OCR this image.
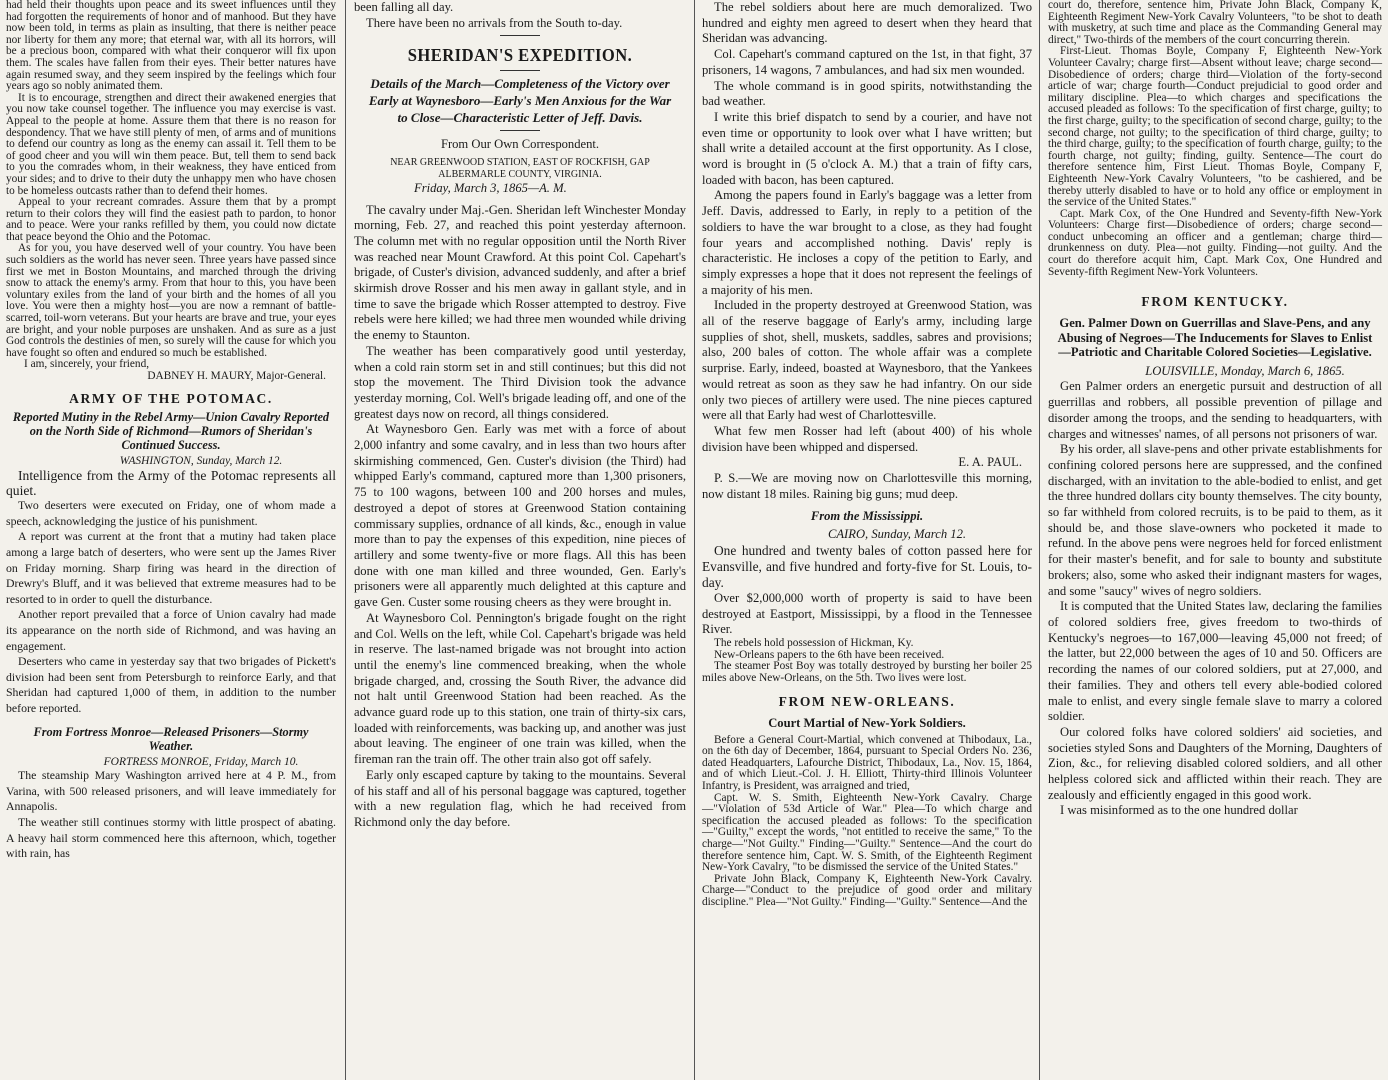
had held their thoughts upon peace and its sweet influences until they had forgotten the requirements of honor and of manhood. But they have now been told, in terms as plain as insulting, that there is neither peace nor liberty for them any more; that eternal war, with all its horrors, will be a precious boon, compared with what their conqueror will fix upon them. The scales have fallen from their eyes. Their better natures have again resumed sway, and they seem inspired by the feelings which four years ago so nobly animated them.

It is to encourage, strengthen and direct their awakened energies that you now take counsel together. The influence you may exercise is vast. Appeal to the people at home. Assure them that there is no reason for despondency. That we have still plenty of men, of arms and of munitions to defend our country as long as the enemy can assail it. Tell them to be of good cheer and you will win them peace. But, tell them to send back to you the comrades whom, in their weakness, they have enticed from your sides; and to drive to their duty the unhappy men who have chosen to be homeless outcasts rather than to defend their homes.

Appeal to your recreant comrades. Assure them that by a prompt return to their colors they will find the easiest path to pardon, to honor and to peace. Were your ranks refilled by them, you could now dictate that peace beyond the Ohio and the Potomac.

As for you, you have deserved well of your country. You have been such soldiers as the world has never seen. Three years have passed since first we met in Boston Mountains, and marched through the driving snow to attack the enemy's army. From that hour to this, you have been voluntary exiles from the land of your birth and the homes of all you love. You were then a mighty host—you are now a remnant of battle-scarred, toil-worn veterans. But your hearts are brave and true, your eyes are bright, and your noble purposes are unshaken. And as sure as a just God controls the destinies of men, so surely will the cause for which you have fought so often and endured so much be established.

I am, sincerely, your friend,

DABNEY H. MAURY, Major-General.

ARMY OF THE POTOMAC.
Reported Mutiny in the Rebel Army—Union Cavalry Reported on the North Side of Richmond—Rumors of Sheridan's Continued Success.

WASHINGTON, Sunday, March 12.

Intelligence from the Army of the Potomac represents all quiet.

Two deserters were executed on Friday, one of whom made a speech, acknowledging the justice of his punishment.

A report was current at the front that a mutiny had taken place among a large batch of deserters, who were sent up the James River on Friday morning. Sharp firing was heard in the direction of Drewry's Bluff, and it was believed that extreme measures had to be resorted to in order to quell the disturbance.

Another report prevailed that a force of Union cavalry had made its appearance on the north side of Richmond, and was having an engagement.

Deserters who came in yesterday say that two brigades of Pickett's division had been sent from Petersburgh to reinforce Early, and that Sheridan had captured 1,000 of them, in addition to the number before reported.

From Fortress Monroe—Released Prisoners—Stormy Weather.

FORTRESS MONROE, Friday, March 10.

The steamship Mary Washington arrived here at 4 P. M., from Varina, with 500 released prisoners, and will leave immediately for Annapolis.

The weather still continues stormy with little prospect of abating. A heavy hail storm commenced here this afternoon, which, together with rain, has

been falling all day.

There have been no arrivals from the South to-day.

SHERIDAN'S EXPEDITION.
Details of the March—Completeness of the Victory over Early at Waynesboro—Early's Men Anxious for the War to Close—Characteristic Letter of Jeff. Davis.

From Our Own Correspondent.

NEAR GREENWOOD STATION, EAST OF ROCKFISH, GAP ALBERMARLE COUNTY, VIRGINIA.

Friday, March 3, 1865—A. M.

The cavalry under Maj.-Gen. Sheridan left Winchester Monday morning, Feb. 27, and reached this point yesterday afternoon. The column met with no regular opposition until the North River was reached near Mount Crawford. At this point Col. Capehart's brigade, of Custer's division, advanced suddenly, and after a brief skirmish drove Rosser and his men away in gallant style, and in time to save the brigade which Rosser attempted to destroy. Five rebels were here killed; we had three men wounded while driving the enemy to Staunton.

The weather has been comparatively good until yesterday, when a cold rain storm set in and still continues; but this did not stop the movement. The Third Division took the advance yesterday morning, Col. Well's brigade leading off, and one of the greatest days now on record, all things considered.

At Waynesboro Gen. Early was met with a force of about 2,000 infantry and some cavalry, and in less than two hours after skirmishing commenced, Gen. Custer's division (the Third) had whipped Early's command, captured more than 1,300 prisoners, 75 to 100 wagons, between 100 and 200 horses and mules, destroyed a depot of stores at Greenwood Station containing commissary supplies, ordnance of all kinds, &c., enough in value more than to pay the expenses of this expedition, nine pieces of artillery and some twenty-five or more flags. All this has been done with one man killed and three wounded, Gen. Early's prisoners were all apparently much delighted at this capture and gave Gen. Custer some rousing cheers as they were brought in.

At Waynesboro Col. Pennington's brigade fought on the right and Col. Wells on the left, while Col. Capehart's brigade was held in reserve. The last-named brigade was not brought into action until the enemy's line commenced breaking, when the whole brigade charged, and, crossing the South River, the advance did not halt until Greenwood Station had been reached. As the advance guard rode up to this station, one train of thirty-six cars, loaded with reinforcements, was backing up, and another was just about leaving. The engineer of one train was killed, when the fireman ran the train off. The other train also got off safely.

Early only escaped capture by taking to the mountains. Several of his staff and all of his personal baggage was captured, together with a new regulation flag, which he had received from Richmond only the day before.

The rebel soldiers about here are much demoralized. Two hundred and eighty men agreed to desert when they heard that Sheridan was advancing.

Col. Capehart's command captured on the 1st, in that fight, 37 prisoners, 14 wagons, 7 ambulances, and had six men wounded.

The whole command is in good spirits, notwithstanding the bad weather.

I write this brief dispatch to send by a courier, and have not even time or opportunity to look over what I have written; but shall write a detailed account at the first opportunity. As I close, word is brought in (5 o'clock A. M.) that a train of fifty cars, loaded with bacon, has been captured.

Among the papers found in Early's baggage was a letter from Jeff. Davis, addressed to Early, in reply to a petition of the soldiers to have the war brought to a close, as they had fought four years and accomplished nothing. Davis' reply is characteristic. He incloses a copy of the petition to Early, and simply expresses a hope that it does not represent the feelings of a majority of his men.

Included in the property destroyed at Greenwood Station, was all of the reserve baggage of Early's army, including large supplies of shot, shell, muskets, saddles, sabres and provisions; also, 200 bales of cotton. The whole affair was a complete surprise. Early, indeed, boasted at Waynesboro, that the Yankees would retreat as soon as they saw he had infantry. On our side only two pieces of artillery were used. The nine pieces captured were all that Early had west of Charlottesville.

What few men Rosser had left (about 400) of his whole division have been whipped and dispersed.

E. A. PAUL.

P. S.—We are moving now on Charlottesville this morning, now distant 18 miles. Raining big guns; mud deep.

From the Mississippi.

CAIRO, Sunday, March 12.

One hundred and twenty bales of cotton passed here for Evansville, and five hundred and forty-five for St. Louis, to-day.

Over $2,000,000 worth of property is said to have been destroyed at Eastport, Mississippi, by a flood in the Tennessee River.

The rebels hold possession of Hickman, Ky.

New-Orleans papers to the 6th have been received.

The steamer Post Boy was totally destroyed by bursting her boiler 25 miles above New-Orleans, on the 5th. Two lives were lost.

FROM NEW-ORLEANS.
Court Martial of New-York Soldiers.

Before a General Court-Martial, which convened at Thibodaux, La., on the 6th day of December, 1864, pursuant to Special Orders No. 236, dated Headquarters, Lafourche District, Thibodaux, La., Nov. 15, 1864, and of which Lieut.-Col. J. H. Elliott, Thirty-third Illinois Volunteer Infantry, is President, was arraigned and tried,

Capt. W. S. Smith, Eighteenth New-York Cavalry. Charge—"Violation of 53d Article of War." Plea—To which charge and specification the accused pleaded as follows: To the specification—"Guilty," except the words, "not entitled to receive the same," To the charge—"Not Guilty." Finding—"Guilty." Sentence—And the court do therefore sentence him, Capt. W. S. Smith, of the Eighteenth Regiment New-York Cavalry, "to be dismissed the service of the United States."

Private John Black, Company K, Eighteenth New-York Cavalry. Charge—"Conduct to the prejudice of good order and military discipline." Plea—"Not Guilty." Finding—"Guilty." Sentence—And the

court do, therefore, sentence him, Private John Black, Company K, Eighteenth Regiment New-York Cavalry Volunteers, "to be shot to death with musketry, at such time and place as the Commanding General may direct," Two-thirds of the members of the court concurring therein.

First-Lieut. Thomas Boyle, Company F, Eighteenth New-York Volunteer Cavalry; charge first—Absent without leave; charge second—Disobedience of orders; charge third—Violation of the forty-second article of war; charge fourth—Conduct prejudicial to good order and military discipline. Plea—to which charges and specifications the accused pleaded as follows: To the specification of first charge, guilty; to the first charge, guilty; to the specification of second charge, guilty; to the second charge, not guilty; to the specification of third charge, guilty; to the third charge, guilty; to the specification of fourth charge, guilty; to the fourth charge, not guilty; finding, guilty. Sentence—The court do therefore sentence him, First Lieut. Thomas Boyle, Company F, Eighteenth New-York Cavalry Volunteers, "to be cashiered, and be thereby utterly disabled to have or to hold any office or employment in the service of the United States."

Capt. Mark Cox, of the One Hundred and Seventy-fifth New-York Volunteers: Charge first—Disobedience of orders; charge second—conduct unbecoming an officer and a gentleman; charge third—drunkenness on duty. Plea—not guilty. Finding—not guilty. And the court do therefore acquit him, Capt. Mark Cox, One Hundred and Seventy-fifth Regiment New-York Volunteers.

FROM KENTUCKY.
Gen. Palmer Down on Guerrillas and Slave-Pens, and any Abusing of Negroes—The Inducements for Slaves to Enlist—Patriotic and Charitable Colored Societies—Legislative.

LOUISVILLE, Monday, March 6, 1865.

Gen Palmer orders an energetic pursuit and destruction of all guerrillas and robbers, all possible prevention of pillage and disorder among the troops, and the sending to headquarters, with charges and witnesses' names, of all persons not prisoners of war.

By his order, all slave-pens and other private establishments for confining colored persons here are suppressed, and the confined discharged, with an invitation to the able-bodied to enlist, and get the three hundred dollars city bounty themselves. The city bounty, so far withheld from colored recruits, is to be paid to them, as it should be, and those slave-owners who pocketed it made to refund. In the above pens were negroes held for forced enlistment for their master's benefit, and for sale to bounty and substitute brokers; also, some who asked their indignant masters for wages, and some "saucy" wives of negro soldiers.

It is computed that the United States law, declaring the families of colored soldiers free, gives freedom to two-thirds of Kentucky's negroes—to 167,000—leaving 45,000 not freed; of the latter, but 22,000 between the ages of 10 and 50. Officers are recording the names of our colored soldiers, put at 27,000, and their families. They and others tell every able-bodied colored male to enlist, and every single female slave to marry a colored soldier.

Our colored folks have colored soldiers' aid societies, and societies styled Sons and Daughters of the Morning, Daughters of Zion, &c., for relieving disabled colored soldiers, and all other helpless colored sick and afflicted within their reach. They are zealously and efficiently engaged in this good work.

I was misinformed as to the one hundred dollar
